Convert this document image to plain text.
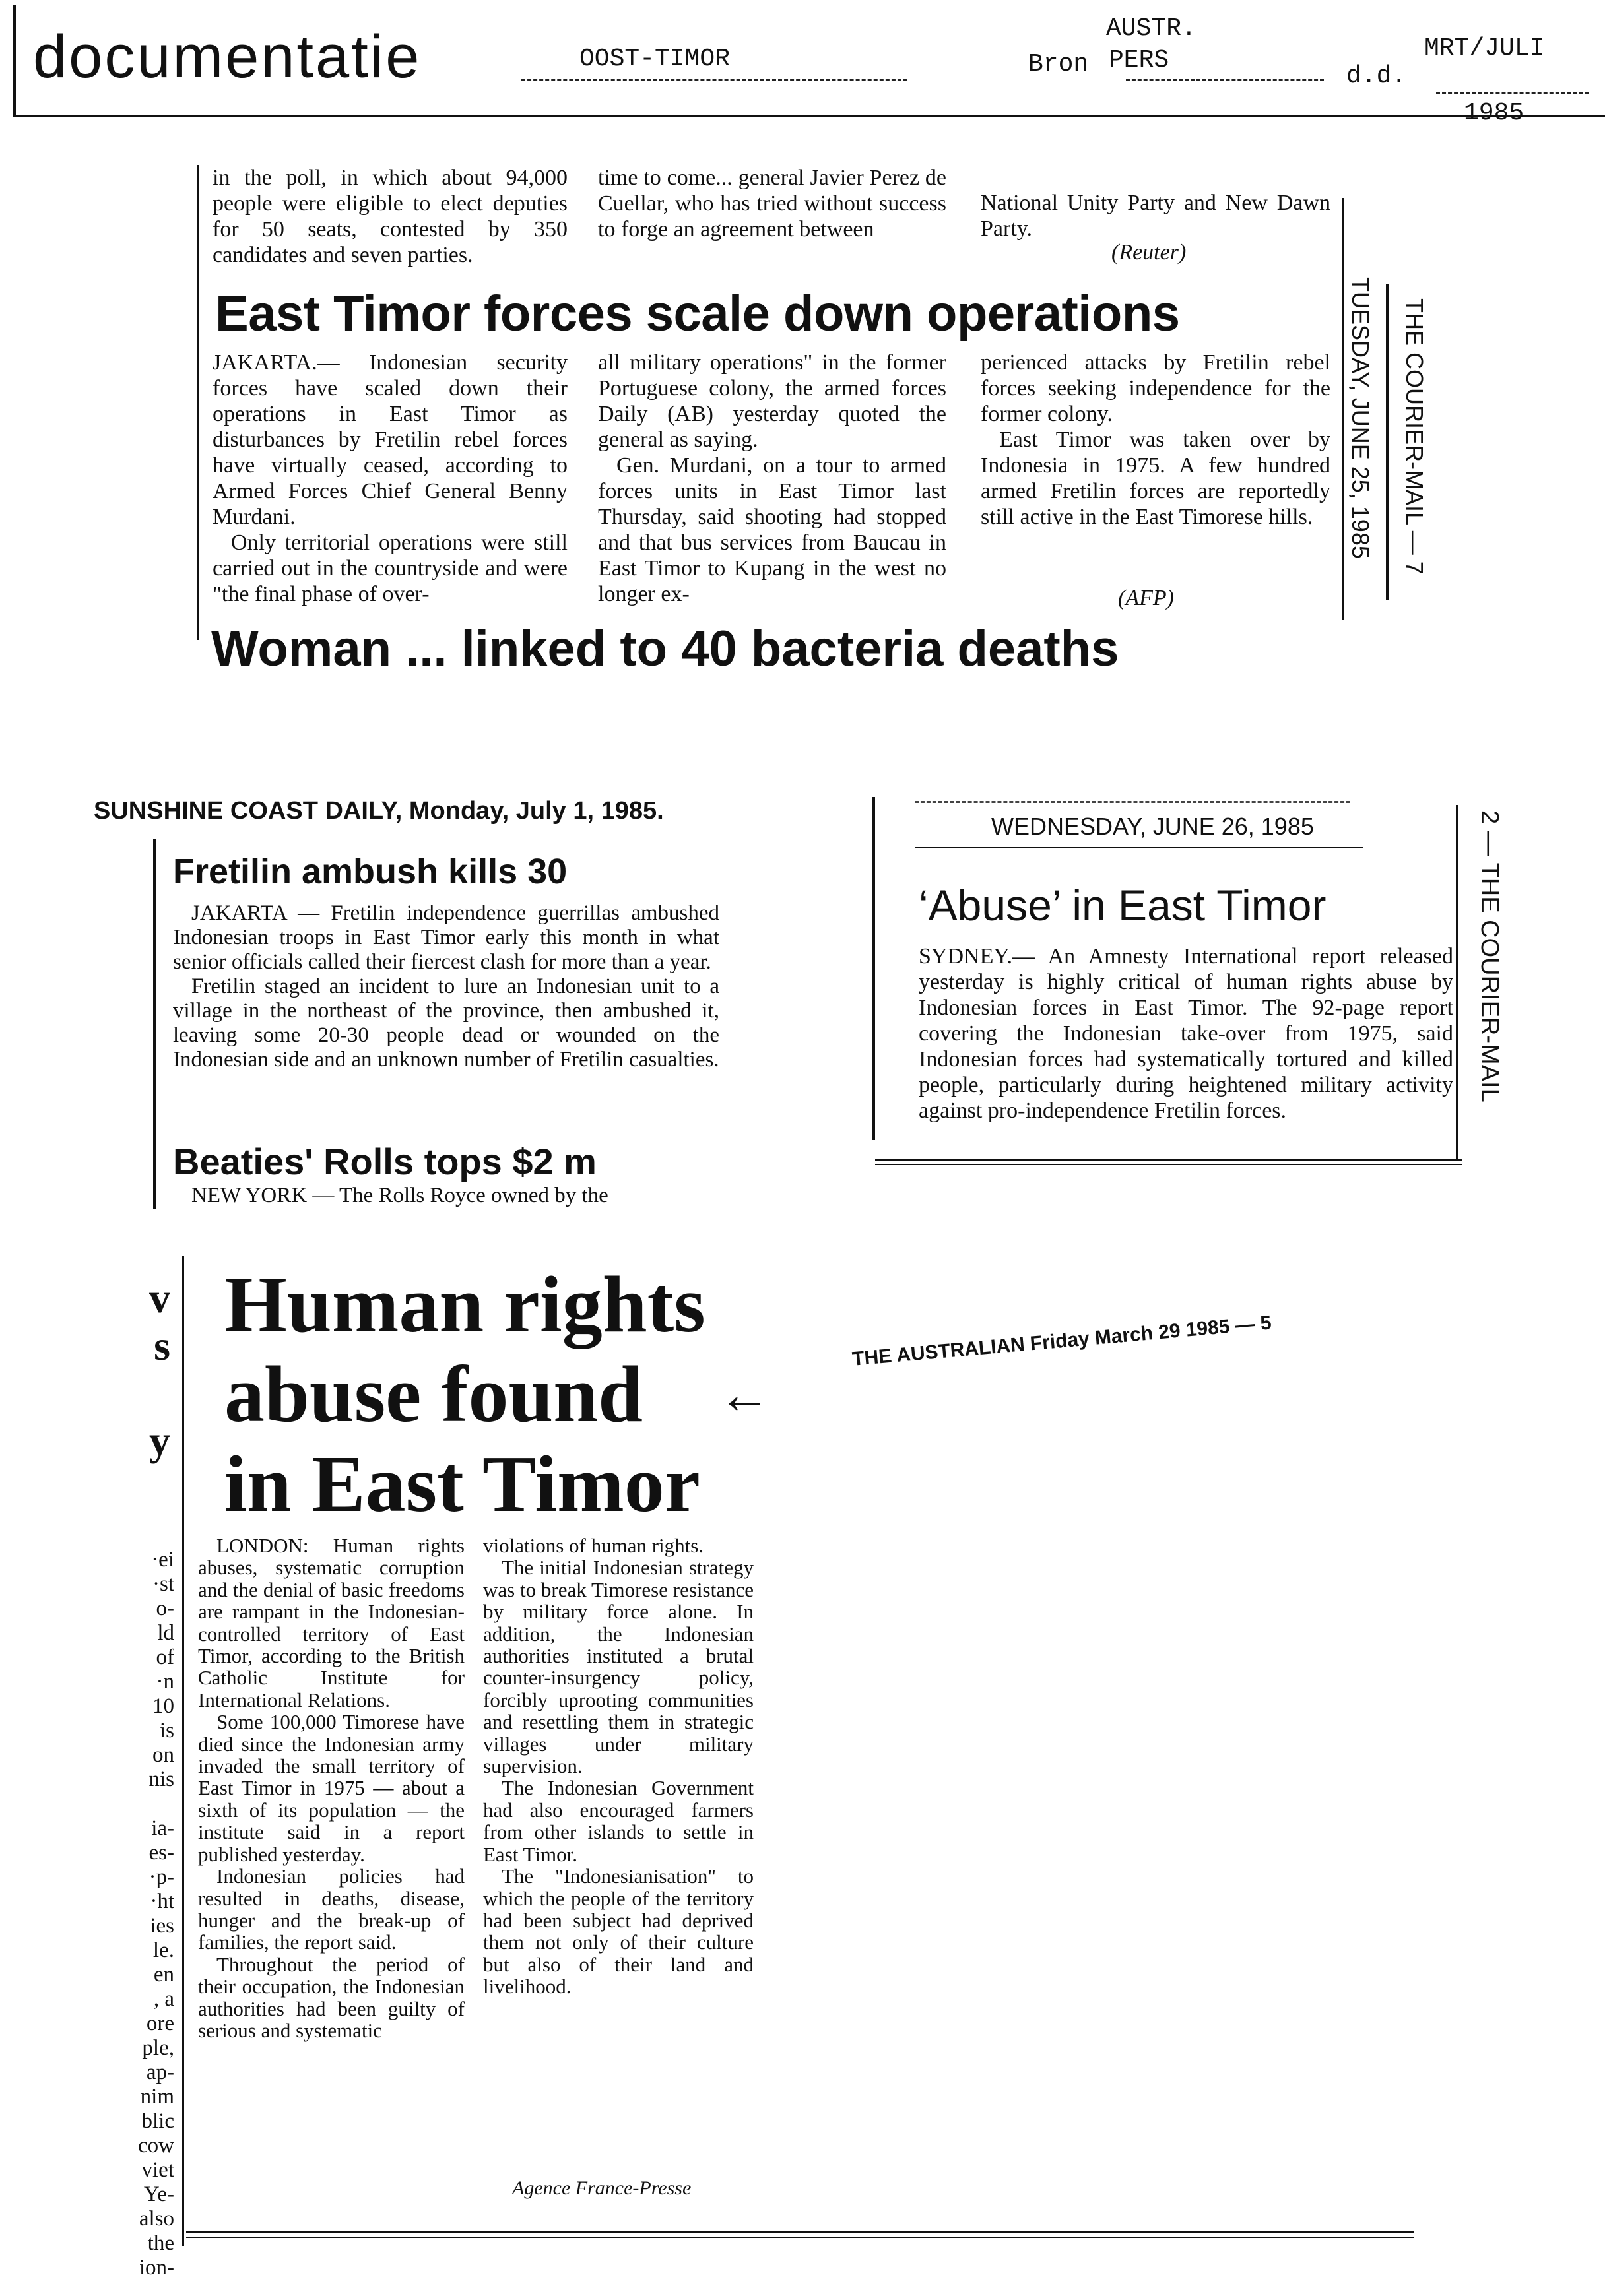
documentatie	OOST-TIMOR
AUSTR.
Bron PERS
d.d.
MRT/JULI
1985
in the poll, in which about 94,000 people were eligible to elect deputies for 50 seats, contested by 350 candidates and seven parties.
time to come... general Javier Perez de Cuellar, who has tried without success to forge an agreement between
National Unity Party and New Dawn Party.
(Reuter)
East Timor forces scale down operations

JAKARTA.— Indonesian security forces have scaled down their operations in East Timor as disturbances by Fretilin rebel forces have virtually ceased, according to Armed Forces Chief General Benny Murdani.

Only territorial operations were still carried out in the countryside and were "the final phase of over-

all military operations" in the former Portuguese colony, the armed forces Daily (AB) yesterday quoted the general as saying.

Gen. Murdani, on a tour to armed forces units in East Timor last Thursday, said shooting had stopped and that bus services from Baucau in East Timor to Kupang in the west no longer ex-

perienced attacks by Fretilin rebel forces seeking independence for the former colony.

East Timor was taken over by Indonesia in 1975. A few hundred armed Fretilin forces are reportedly still active in the East Timorese hills.

(AFP)
Woman ... linked to 40 bacteria deaths
TUESDAY, JUNE 25, 1985 THE COURIER-MAIL — 7
SUNSHINE COAST DAILY, Monday, July 1, 1985.
Fretilin ambush kills 30

JAKARTA — Fretilin independence guerrillas ambushed Indonesian troops in East Timor early this month in what senior officials called their fiercest clash for more than a year.

Fretilin staged an incident to lure an Indonesian unit to a village in the northeast of the province, then ambushed it, leaving some 20-30 people dead or wounded on the Indonesian side and an unknown number of Fretilin casualties.

Beaties' Rolls tops $2 m
NEW YORK — The Rolls Royce owned by the
WEDNESDAY, JUNE 26, 1985
‘Abuse’ in East Timor
SYDNEY.— An Amnesty International report released yesterday is highly critical of human rights abuse by Indonesian forces in East Timor. The 92-page report covering the Indonesian take-over from 1975, said Indonesian forces had systematically tortured and killed people, particularly during heightened military activity against pro-independence Fretilin forces.
2 — THE COURIER-MAIL
v
s

y
·ei
·st
o-
ld
of
·n
10
is
on
nis

ia-
es-
·p-
·ht
ies
le.
en
, a
ore
ple,
ap-
nim
blic
cow
viet
Ye-
also
the
ion-
Human rights
abuse found ←
in East Timor
THE AUSTRALIAN Friday March 29 1985 — 5

LONDON: Human rights abuses, systematic corruption and the denial of basic freedoms are rampant in the Indonesian-controlled territory of East Timor, according to the British Catholic Institute for International Relations.

Some 100,000 Timorese have died since the Indonesian army invaded the small territory of East Timor in 1975 — about a sixth of its population — the institute said in a report published yesterday.

Indonesian policies had resulted in deaths, disease, hunger and the break-up of families, the report said.

Throughout the period of their occupation, the Indonesian authorities had been guilty of serious and systematic

violations of human rights.

The initial Indonesian strategy was to break Timorese resistance by military force alone. In addition, the Indonesian authorities instituted a brutal counter-insurgency policy, forcibly uprooting communities and resettling them in strategic villages under military supervision.

The Indonesian Government had also encouraged farmers from other islands to settle in East Timor.

The "Indonesianisation" to which the people of the territory had been subject had deprived them not only of their culture but also of their land and livelihood.

Agence France-Presse
